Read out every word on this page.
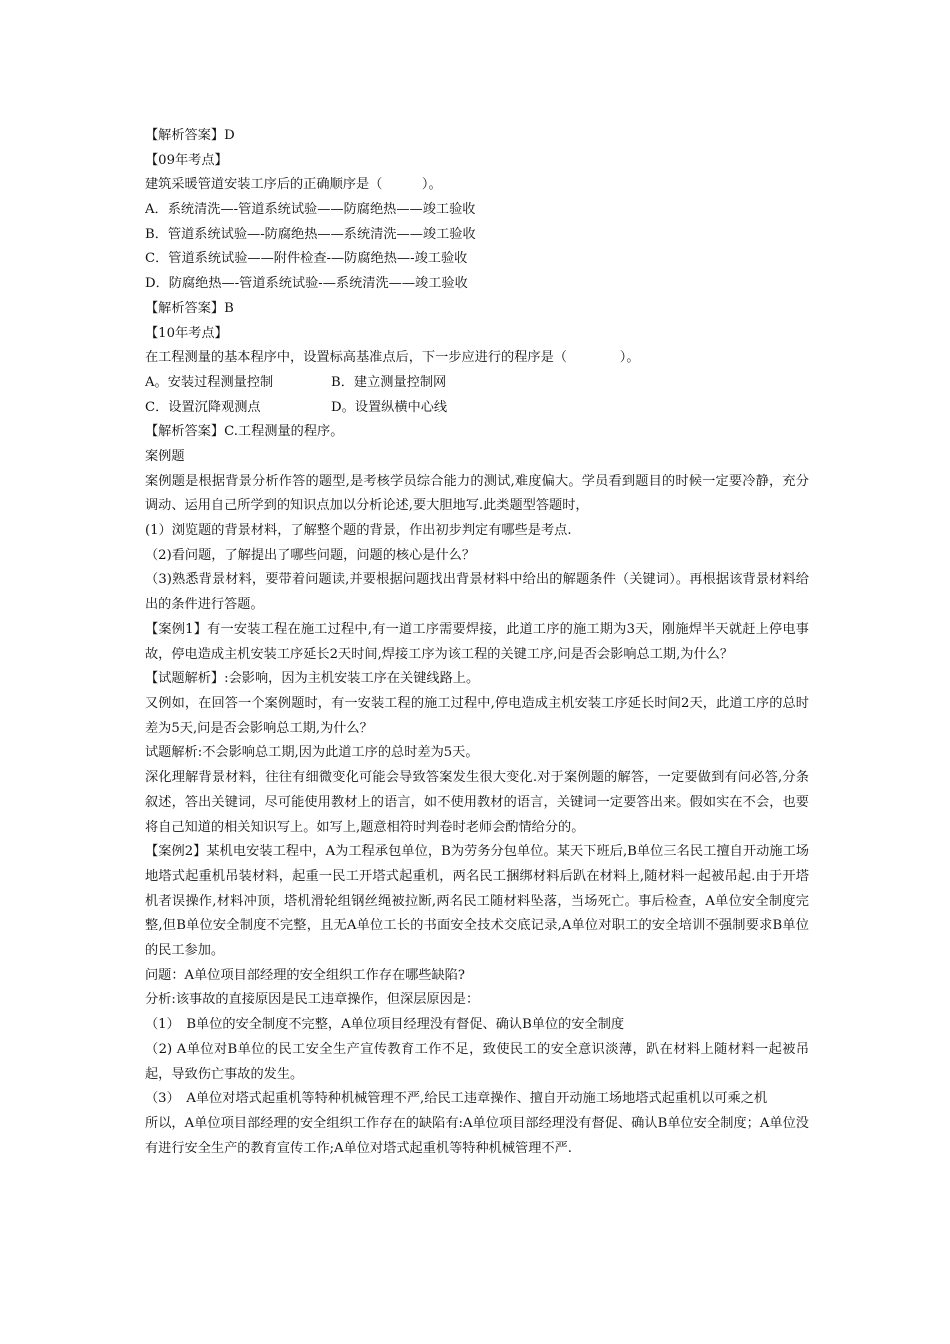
【解析答案】D
【09年考点】
建筑采暖管道安装工序后的正确顺序是（　　　）。
A．系统清洗—-管道系统试验——防腐绝热——竣工验收
B．管道系统试验—-防腐绝热——系统清洗——竣工验收
C．管道系统试验——附件检查-—防腐绝热—-竣工验收
D．防腐绝热—-管道系统试验-—系统清洗——竣工验收
【解析答案】B
【10年考点】
在工程测量的基本程序中，设置标高基准点后，下一步应进行的程序是（　　　　）。
A。安装过程测量控制	B．建立测量控制网
C．设置沉降观测点	D。设置纵横中心线
【解析答案】C.工程测量的程序。
案例题
案例题是根据背景分析作答的题型,是考核学员综合能力的测试,难度偏大。学员看到题目的时候一定要冷静，充分调动、运用自己所学到的知识点加以分析论述,要大胆地写.此类题型答题时，
(1）浏览题的背景材料，了解整个题的背景，作出初步判定有哪些是考点.
（2)看问题，了解提出了哪些问题，问题的核心是什么？
（3)熟悉背景材料，要带着问题读,并要根据问题找出背景材料中给出的解题条件（关键词）。再根据该背景材料给出的条件进行答题。
【案例1】有一安装工程在施工过程中,有一道工序需要焊接，此道工序的施工期为3天，刚施焊半天就赶上停电事故，停电造成主机安装工序延长2天时间,焊接工序为该工程的关键工序,问是否会影响总工期,为什么？
【试题解析】:会影响，因为主机安装工序在关键线路上。
又例如，在回答一个案例题时，有一安装工程的施工过程中,停电造成主机安装工序延长时间2天，此道工序的总时差为5天,问是否会影响总工期,为什么？
试题解析:不会影响总工期,因为此道工序的总时差为5天。
深化理解背景材料，往往有细微变化可能会导致答案发生很大变化.对于案例题的解答，一定要做到有问必答,分条叙述，答出关键词，尽可能使用教材上的语言，如不使用教材的语言，关键词一定要答出来。假如实在不会，也要将自己知道的相关知识写上。如写上,题意相符时判卷时老师会酌情给分的。
【案例2】某机电安装工程中，A为工程承包单位，B为劳务分包单位。某天下班后,B单位三名民工擅自开动施工场地塔式起重机吊装材料，起重一民工开塔式起重机，两名民工捆绑材料后趴在材料上,随材料一起被吊起.由于开塔机者误操作,材料冲顶，塔机滑轮组钢丝绳被拉断,两名民工随材料坠落，当场死亡。事后检查，A单位安全制度完整,但B单位安全制度不完整，且无A单位工长的书面安全技术交底记录,A单位对职工的安全培训不强制要求B单位的民工参加。
问题：A单位项目部经理的安全组织工作存在哪些缺陷?
分析:该事故的直接原因是民工违章操作，但深层原因是：
（1）　B单位的安全制度不完整，A单位项目经理没有督促、确认B单位的安全制度
（2) A单位对B单位的民工安全生产宣传教育工作不足，致使民工的安全意识淡薄，趴在材料上随材料一起被吊起，导致伤亡事故的发生。
（3）　A单位对塔式起重机等特种机械管理不严,给民工违章操作、擅自开动施工场地塔式起重机以可乘之机
所以，A单位项目部经理的安全组织工作存在的缺陷有:A单位项目部经理没有督促、确认B单位安全制度；A单位没有进行安全生产的教育宣传工作;A单位对塔式起重机等特种机械管理不严.
